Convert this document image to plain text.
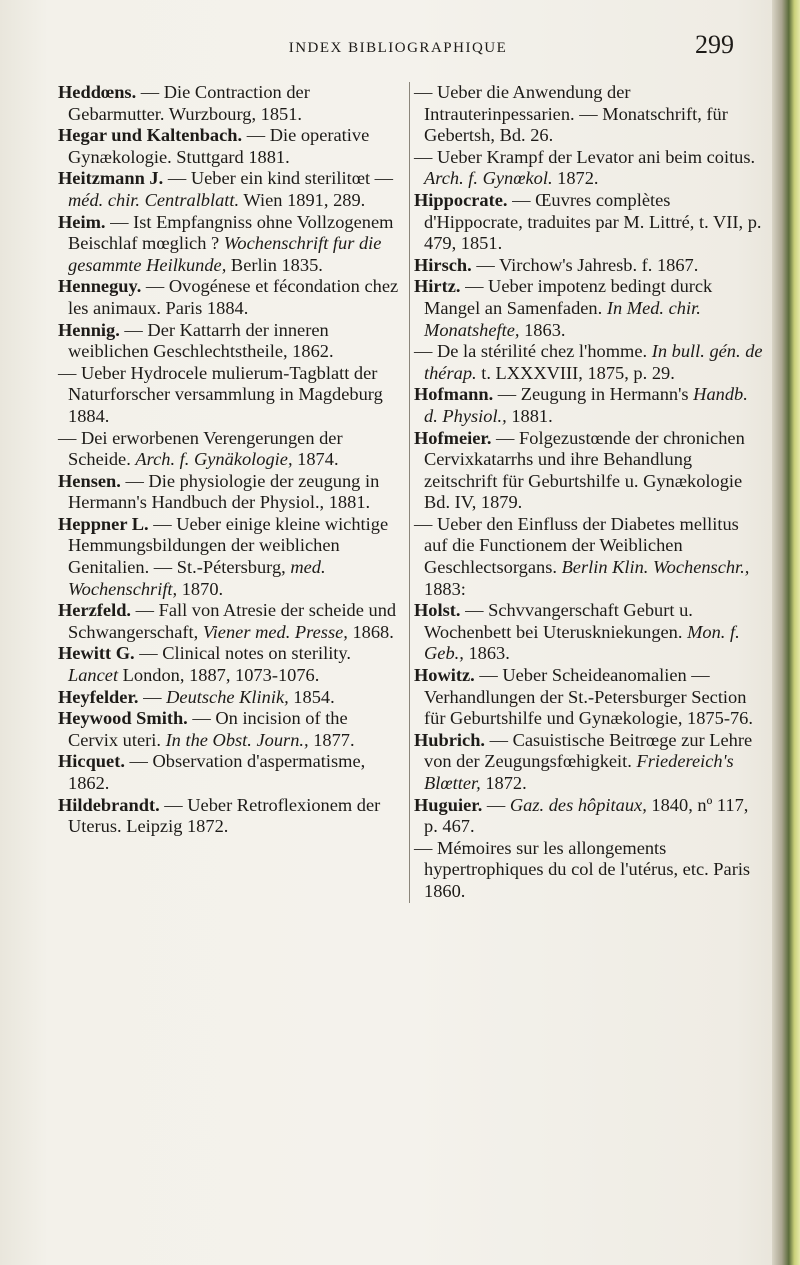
INDEX BIBLIOGRAPHIQUE	299

Heddœns. — Die Contraction der Gebarmutter. Wurzbourg, 1851.

Hegar und Kaltenbach. — Die operative Gynækologie. Stuttgard 1881.

Heitzmann J. — Ueber ein kind sterilitœt — méd. chir. Centralblatt. Wien 1891, 289.

Heim. — Ist Empfangniss ohne Vollzogenem Beischlaf mœglich ? Wochenschrift fur die gesammte Heilkunde, Berlin 1835.

Henneguy. — Ovogénese et fécondation chez les animaux. Paris 1884.

Hennig. — Der Kattarrh der inneren weiblichen Geschlechtstheile, 1862.

— Ueber Hydrocele mulierum-Tagblatt der Naturforscher versammlung in Magdeburg 1884.

— Dei erworbenen Verengerungen der Scheide. Arch. f. Gynäkologie, 1874.

Hensen. — Die physiologie der zeugung in Hermann's Handbuch der Physiol., 1881.

Heppner L. — Ueber einige kleine wichtige Hemmungsbildungen der weiblichen Genitalien. — St.-Pétersburg, med. Wochenschrift, 1870.

Herzfeld. — Fall von Atresie der scheide und Schwangerschaft, Viener med. Presse, 1868.

Hewitt G. — Clinical notes on sterility. Lancet London, 1887, 1073-1076.

Heyfelder. — Deutsche Klinik, 1854.

Heywood Smith. — On incision of the Cervix uteri. In the Obst. Journ., 1877.

Hicquet. — Observation d'aspermatisme, 1862.

Hildebrandt. — Ueber Retroflexionem der Uterus. Leipzig 1872.

— Ueber die Anwendung der Intrauterinpessarien. — Monatschrift, für Gebertsh, Bd. 26.

— Ueber Krampf der Levator ani beim coitus. Arch. f. Gynœkol. 1872.

Hippocrate. — Œuvres complètes d'Hippocrate, traduites par M. Littré, t. VII, p. 479, 1851.

Hirsch. — Virchow's Jahresb. f. 1867.

Hirtz. — Ueber impotenz bedingt durck Mangel an Samenfaden. In Med. chir. Monatshefte, 1863.

— De la stérilité chez l'homme. In bull. gén. de thérap. t. LXXXVIII, 1875, p. 29.

Hofmann. — Zeugung in Hermann's Handb. d. Physiol., 1881.

Hofmeier. — Folgezustœnde der chronichen Cervixkatarrhs und ihre Behandlung zeitschrift für Geburtshilfe u. Gynækologie Bd. IV, 1879.

— Ueber den Einfluss der Diabetes mellitus auf die Functionem der Weiblichen Geschlectsorgans. Berlin Klin. Wochenschr., 1883:

Holst. — Schvvangerschaft Geburt u. Wochenbett bei Uteruskniekungen. Mon. f. Geb., 1863.

Howitz. — Ueber Scheideanomalien — Verhandlungen der St.-Petersburger Section für Geburtshilfe und Gynækologie, 1875-76.

Hubrich. — Casuistische Beitrœge zur Lehre von der Zeugungsfœhigkeit. Friedereich's Blœtter, 1872.

Huguier. — Gaz. des hôpitaux, 1840, nº 117, p. 467.

— Mémoires sur les allongements hypertrophiques du col de l'utérus, etc. Paris 1860.
